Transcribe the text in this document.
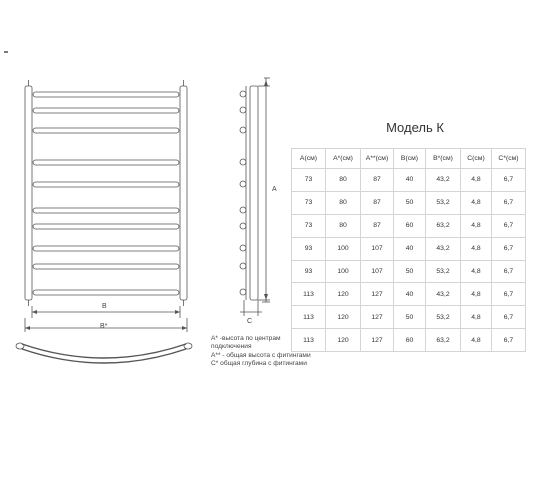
B
B*
A
C
A* -высота по центрам подключения
A** - общая высота с фитингами
C* общая глубина с фитингами
Модель К
A(см)	A*(см)	A**(см)	B(см)	B*(см)	C(см)	C*(см)
73	80	87	40	43,2	4,8	6,7
73	80	87	50	53,2	4,8	6,7
73	80	87	60	63,2	4,8	6,7
93	100	107	40	43,2	4,8	6,7
93	100	107	50	53,2	4,8	6,7
113	120	127	40	43,2	4,8	6,7
113	120	127	50	53,2	4,8	6,7
113	120	127	60	63,2	4,8	6,7
